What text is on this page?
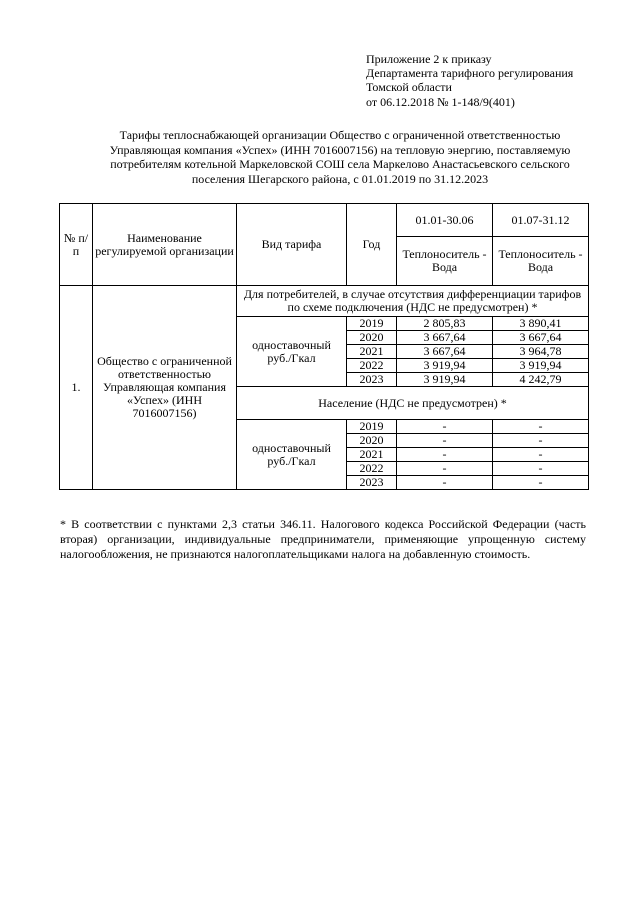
Приложение 2 к приказу
Департамента тарифного регулирования
Томской области
от 06.12.2018 № 1-148/9(401)
Тарифы теплоснабжающей организации Общество с ограниченной ответственностью
Управляющая компания «Успех» (ИНН 7016007156) на тепловую энергию, поставляемую
потребителям котельной Маркеловской СОШ села Маркелово Анастасьевского сельского
поселения Шегарского района, с 01.01.2019 по 31.12.2023
№ п/п	Наименование регулируемой организации	Вид тарифа	Год	01.01-30.06	01.07-31.12
				Теплоноситель - Вода	Теплоноситель - Вода
1.	Общество с ограниченной ответственностью Управляющая компания «Успех» (ИНН 7016007156)	Для потребителей, в случае отсутствия дифференциации тарифов по схеме подключения (НДС не предусмотрен) *			
		одноставочный руб./Гкал	2019	2 805,83	3 890,41
			2020	3 667,64	3 667,64
			2021	3 667,64	3 964,78
			2022	3 919,94	3 919,94
			2023	3 919,94	4 242,79
		Население (НДС не предусмотрен) *			
		одноставочный руб./Гкал	2019	-	-
			2020	-	-
			2021	-	-
			2022	-	-
			2023	-	-
* В соответствии с пунктами 2,3 статьи 346.11. Налогового кодекса Российской Федерации (часть вторая) организации, индивидуальные предприниматели, применяющие упрощенную систему налогообложения, не признаются налогоплательщиками налога на добавленную стоимость.
